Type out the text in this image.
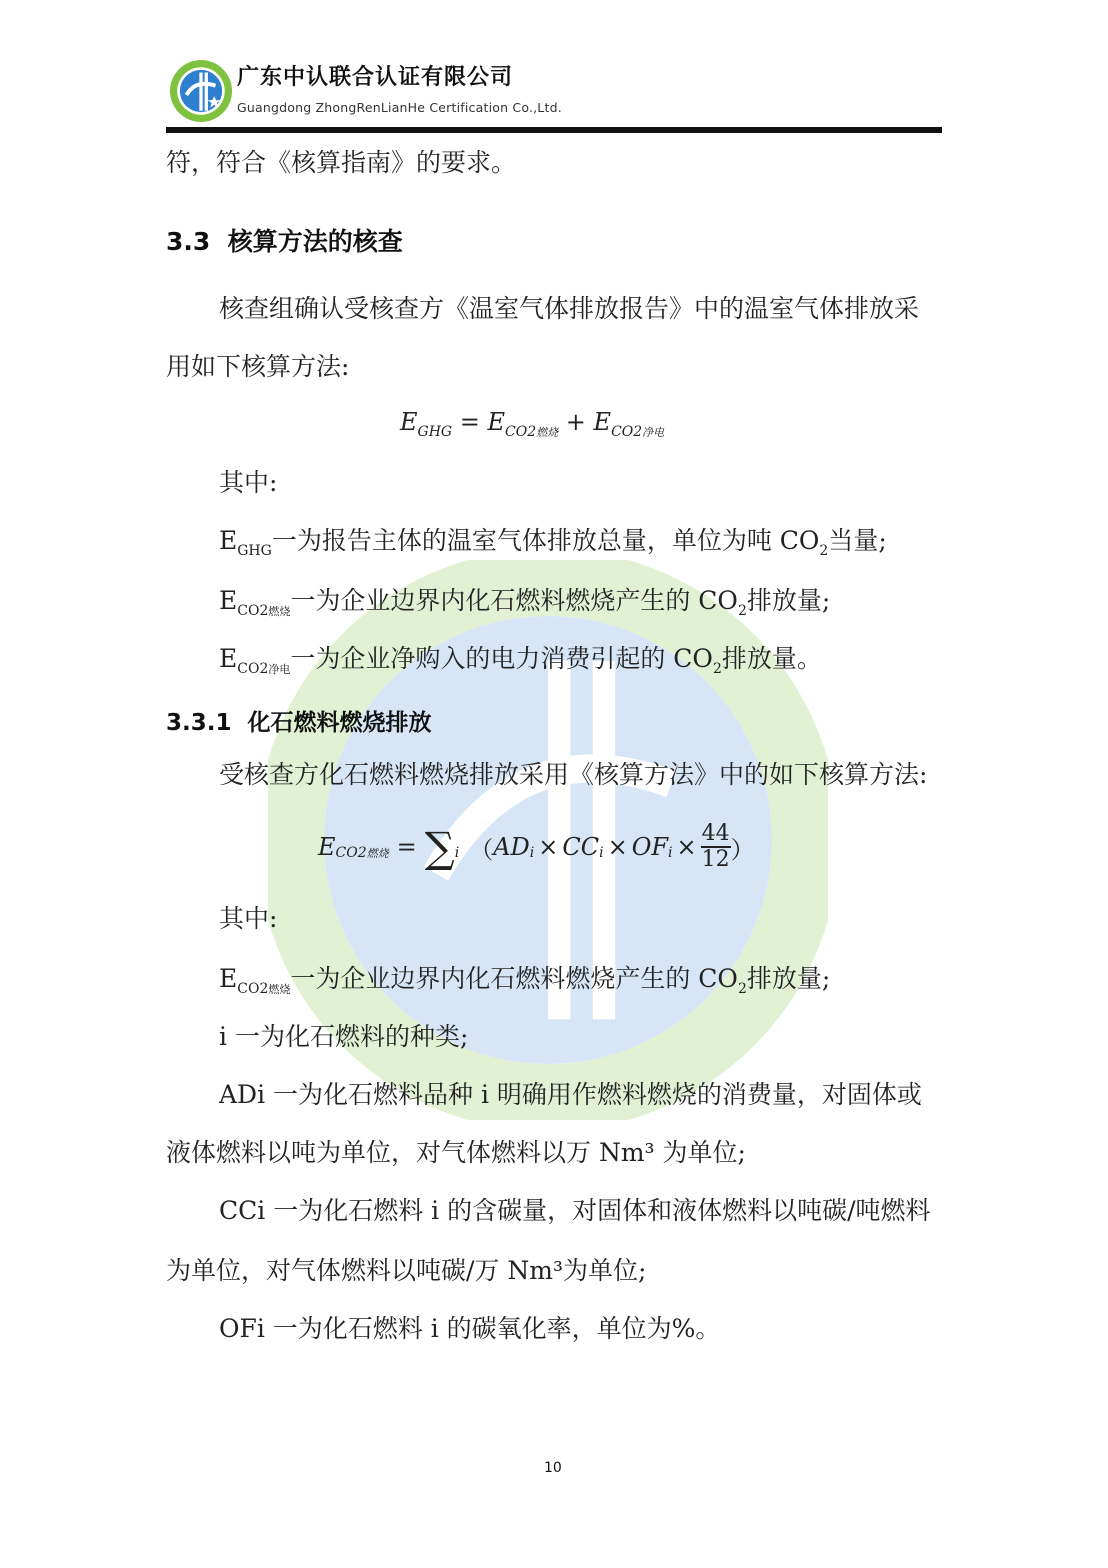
广东中认联合认证有限公司
Guangdong ZhongRenLianHe Certification Co.,Ltd.
符，符合《核算指南》的要求。
3.3 核算方法的核查
核查组确认受核查方《温室气体排放报告》中的温室气体排放采
用如下核算方法:
$E_{GHG} = E_{CO2燃烧} + E_{CO2净电}$
其中:
$E_{GHG}$一为报告主体的温室气体排放总量，单位为吨 $CO_2$当量;
$E_{CO2燃烧}$一为企业边界内化石燃料燃烧产生的 $CO_2$排放量;
$E_{CO2净电}$一为企业净购入的电力消费引起的 $CO_2$排放量。
3.3.1 化石燃料燃烧排放
受核查方化石燃料燃烧排放采用《核算方法》中的如下核算方法:
E CO2 燃烧 = ∑ i （ AD i × CC i × OF i × 44
12 ）
其中:
$E_{CO2燃烧}$一为企业边界内化石燃料燃烧产生的 $CO_2$排放量;
i 一为化石燃料的种类;
ADi 一为化石燃料品种 i 明确用作燃料燃烧的消费量，对固体或
液体燃料以吨为单位，对气体燃料以万 Nm³ 为单位;
CCi 一为化石燃料 i 的含碳量，对固体和液体燃料以吨碳/吨燃料
为单位，对气体燃料以吨碳/万 Nm³为单位;
OFi 一为化石燃料 i 的碳氧化率，单位为%。
10
